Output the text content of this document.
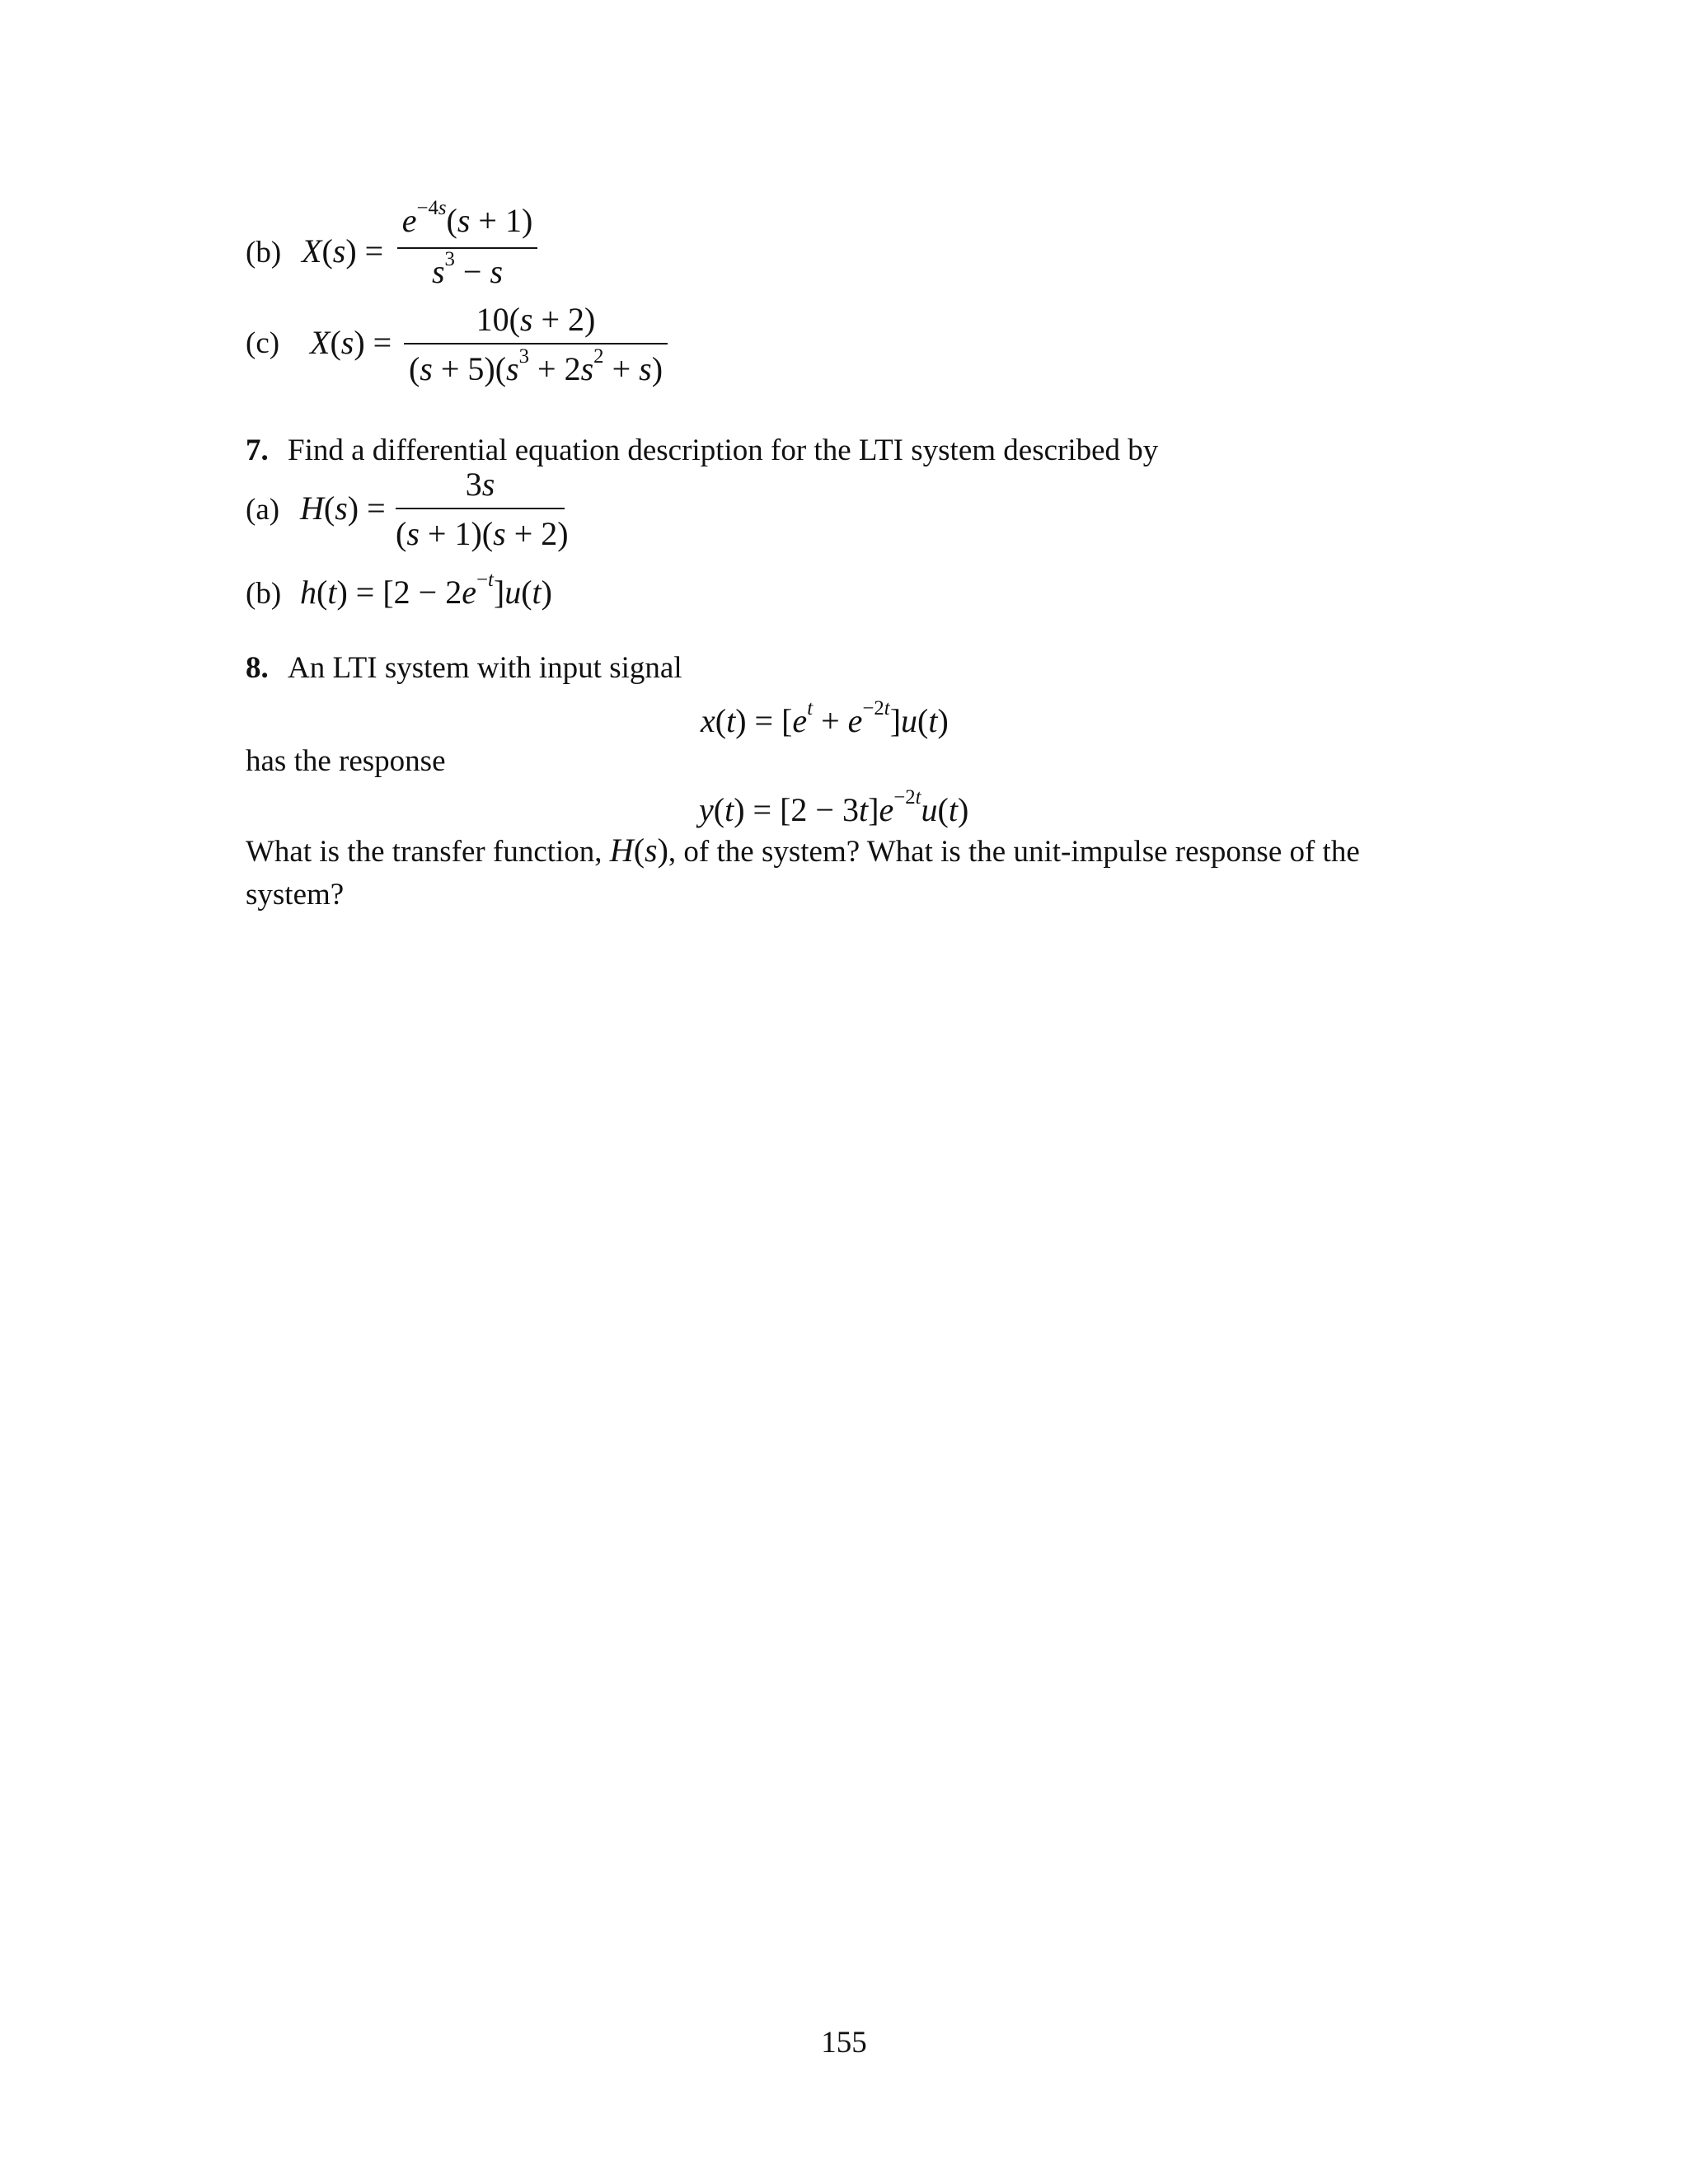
(b) X(s) =
$e^{-4s}(s + 1)$
$s^3 - s$
(c) X(s) =
10(s + 2)
$(s + 5)(s^3 + 2s^2 + s)$
7. Find a differential equation description for the LTI system described by
(a) H(s) =
3s
(s + 1)(s + 2)
(b) $h(t) = [2 - 2e^{-t}]u(t)$
8. An LTI system with input signal
$x(t) = [e^t + e^{-2t}]u(t)$
has the response
$y(t) = [2 - 3t]e^{-2t}u(t)$
What is the transfer function, H(s), of the system? What is the unit-impulse response of the system?
155
